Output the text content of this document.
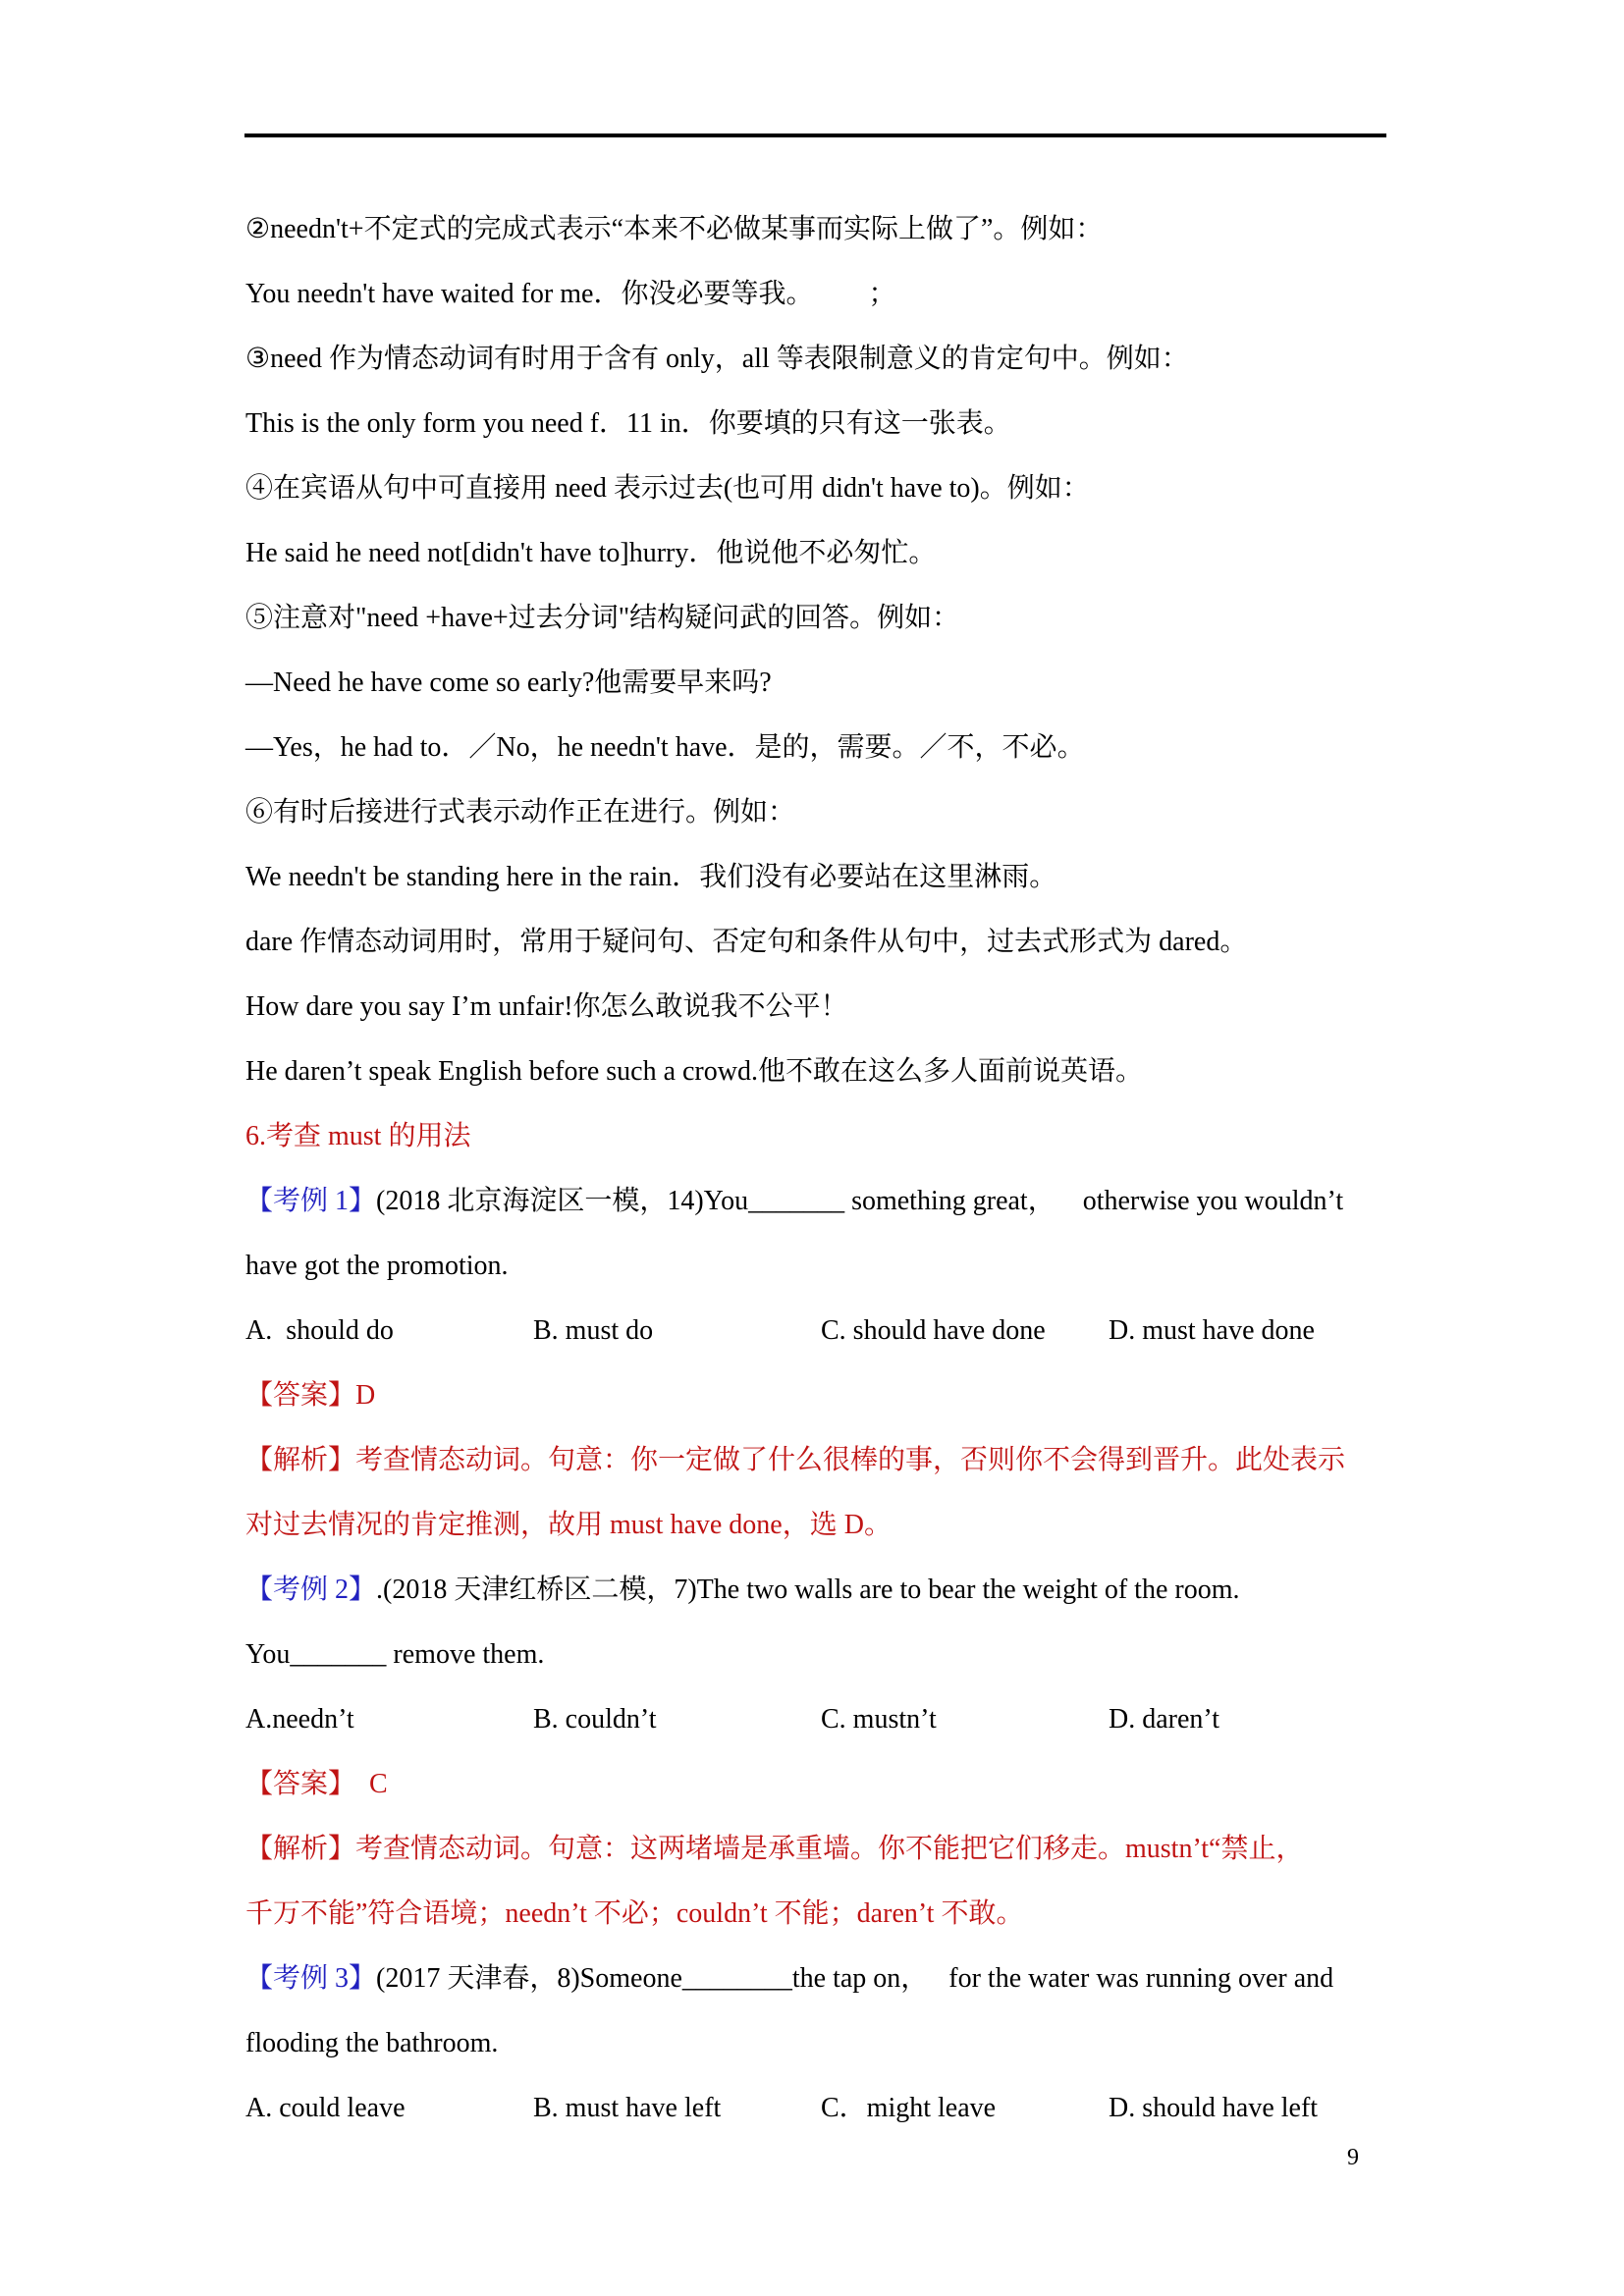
②needn't+不定式的完成式表示“本来不必做某事而实际上做了”。例如：
You needn't have waited for me．你没必要等我。        ；
③need 作为情态动词有时用于含有 only，all 等表限制意义的肯定句中。例如：
This is the only form you need f．11 in．你要填的只有这一张表。
④在宾语从句中可直接用 need 表示过去(也可用 didn't have to)。例如：
He said he need not[didn't have to]hurry．他说他不必匆忙。
⑤注意对"need +have+过去分词"结构疑问武的回答。例如：
—Need he have come so early?他需要早来吗?
—Yes，he had to．／No，he needn't have．是的，需要。／不，不必。
⑥有时后接进行式表示动作正在进行。例如：
We needn't be standing here in the rain．我们没有必要站在这里淋雨。
dare 作情态动词用时，常用于疑问句、否定句和条件从句中，过去式形式为 dared。
How dare you say I’m unfair!你怎么敢说我不公平！
He daren’t speak English before such a crowd.他不敢在这么多人面前说英语。
6.考查 must 的用法
【考例 1】(2018 北京海淀区一模，14)You_______ something great，    otherwise you wouldn’t
have got the promotion.
A.  should do	B. must do	C. should have done D. must have done
【答案】D
【解析】考查情态动词。句意：你一定做了什么很棒的事，否则你不会得到晋升。此处表示
对过去情况的肯定推测，故用 must have done，选 D。
【考例 2】.(2018 天津红桥区二模，7)The two walls are to bear the weight of the room.
You_______ remove them.
A.needn’t	B. couldn’t	C. mustn’t	D. daren’t
【答案】  C
【解析】考查情态动词。句意：这两堵墙是承重墙。你不能把它们移走。mustn’t“禁止，
千万不能”符合语境；needn’t 不必；couldn’t 不能；daren’t 不敢。
【考例 3】(2017 天津春，8)Someone________the tap on，   for the water was running over and
flooding the bathroom.
A. could leave	B. must have left	C．might leave	D. should have left
9
